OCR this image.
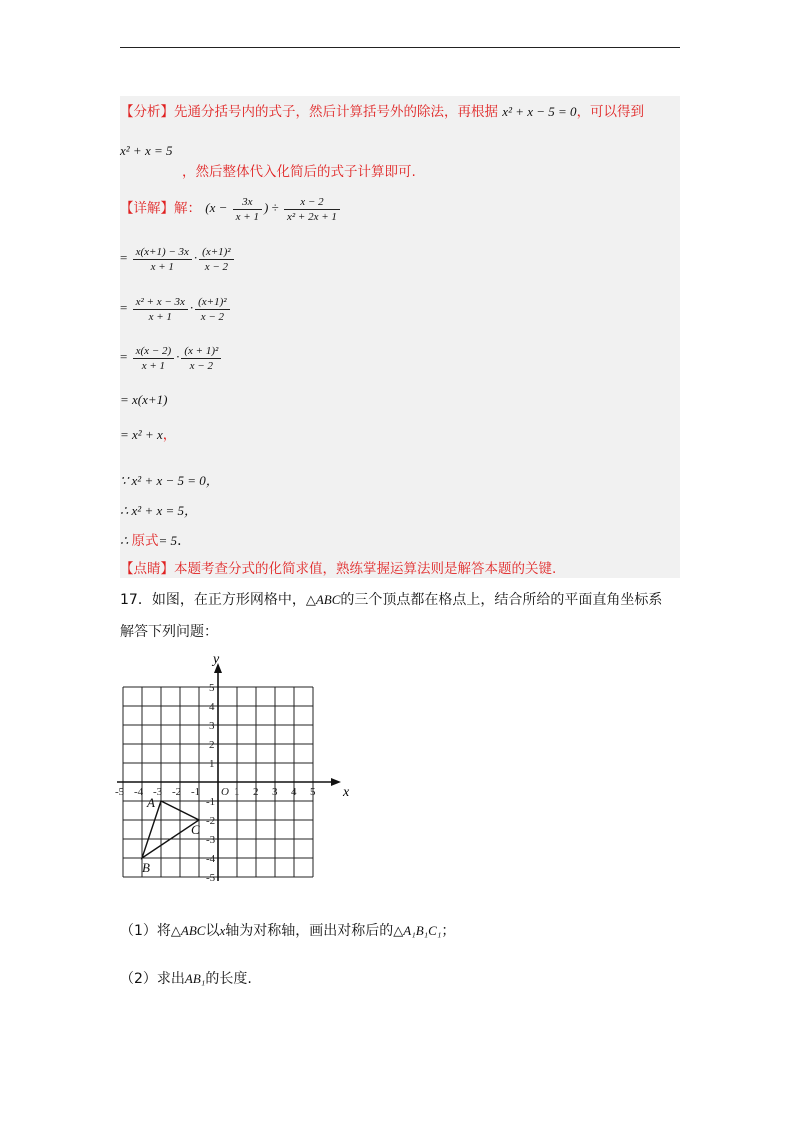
【分析】先通分括号内的式子，然后计算括号外的除法，再根据 x² + x − 5 = 0，可以得到
x² + x = 5
，然后整体代入化简后的式子计算即可.
【详解】解： ($x - \frac{3x}{x + 1}$ ) ÷ $\frac{x - 2}{\text{x² + 2x + 1}}$
= $\frac{x(x+1) - 3x}{x + 1} \cdot \frac{\text{(x+1)²}}{x - 2}$
= $\frac{\text{x² + x − 3x}}{x + 1} \cdot \frac{\text{(x+1)²}}{x - 2}$
= $\frac{x(x - 2)}{x + 1} \cdot \frac{\text{(x + 1)²}}{x - 2}$
= x(x+1)
= x² + x，
∵ x² + x − 5 = 0，
∴ x² + x = 5，
∴ 原式= 5.
【点睛】本题考查分式的化简求值，熟练掌握运算法则是解答本题的关键.
17．如图，在正方形网格中，△ABC的三个顶点都在格点上，结合所给的平面直角坐标系
解答下列问题：
x
y
O
-5 -4 -3 -2 -1	1 2 3 4 5
5
4
3
2
1
-1
-2
-3
-4
-5
A
B
C
（1）将△ABC以x轴为对称轴，画出对称后的△A₁B₁C₁；
（2）求出AB₁的长度.
